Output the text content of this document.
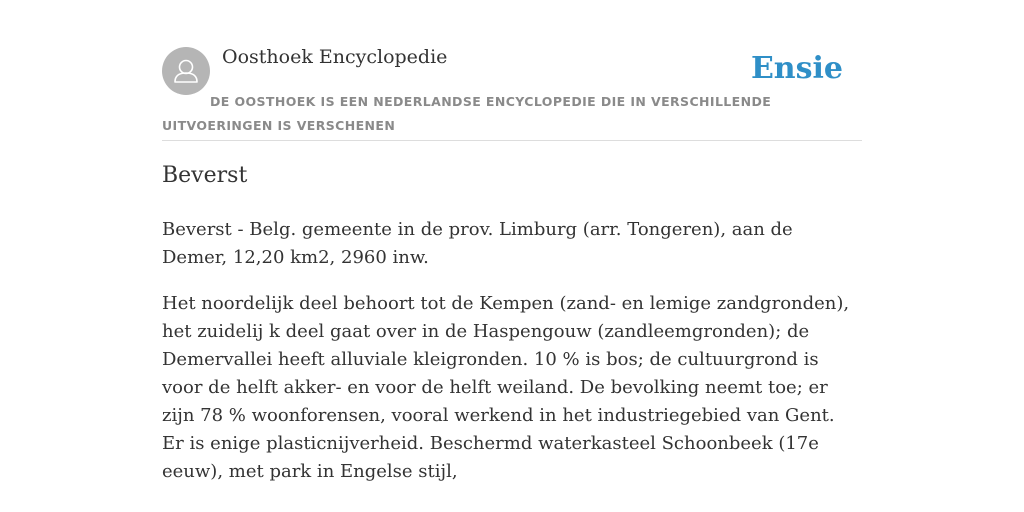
Oosthoek Encyclopedie	Ensie
DE OOSTHOEK IS EEN NEDERLANDSE ENCYCLOPEDIE DIE IN VERSCHILLENDE UITVOERINGEN IS VERSCHENEN
Beverst

Beverst - Belg. gemeente in de prov. Limburg (arr. Tongeren), aan de Demer, 12,20 km2, 2960 inw.

Het noordelijk deel behoort tot de Kempen (zand- en lemige zandgronden), het zuidelij k deel gaat over in de Haspengouw (zandleemgronden); de Demervallei heeft alluviale kleigronden. 10 % is bos; de cultuurgrond is voor de helft akker- en voor de helft weiland. De bevolking neemt toe; er zijn 78 % woonforensen, vooral werkend in het industriegebied van Gent. Er is enige plasticnijverheid. Beschermd waterkasteel Schoonbeek (17e eeuw), met park in Engelse stijl,
